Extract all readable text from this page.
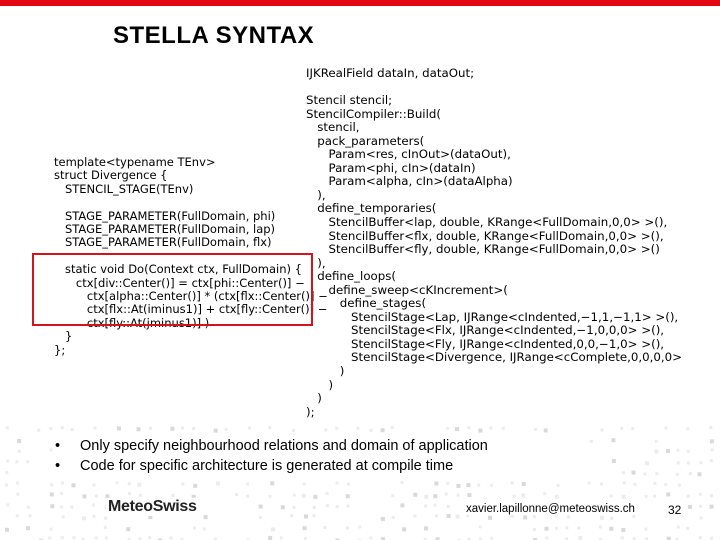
STELLA SYNTAX
template<typename TEnv>
struct Divergence {
STENCIL_STAGE(TEnv)

STAGE_PARAMETER(FullDomain, phi)
STAGE_PARAMETER(FullDomain, lap)
STAGE_PARAMETER(FullDomain, flx)

static void Do(Context ctx, FullDomain) {
ctx[div::Center()] = ctx[phi::Center()] −
ctx[alpha::Center()] * (ctx[flx::Center()] −
ctx[flx::At(iminus1)] + ctx[fly::Center()] −
ctx[fly::At(jminus1)] )
}
};
IJKRealField dataIn, dataOut;

Stencil stencil;
StencilCompiler::Build(
stencil,
pack_parameters(
Param<res, cInOut>(dataOut),
Param<phi, cIn>(dataIn)
Param<alpha, cIn>(dataAlpha)
),
define_temporaries(
StencilBuffer<lap, double, KRange<FullDomain,0,0> >(),
StencilBuffer<flx, double, KRange<FullDomain,0,0> >(),
StencilBuffer<fly, double, KRange<FullDomain,0,0> >()
),
define_loops(
define_sweep<cKIncrement>(
define_stages(
StencilStage<Lap, IJRange<cIndented,−1,1,−1,1> >(),
StencilStage<Flx, IJRange<cIndented,−1,0,0,0> >(),
StencilStage<Fly, IJRange<cIndented,0,0,−1,0> >(),
StencilStage<Divergence, IJRange<cComplete,0,0,0,0>
)
)
)
);
• Only specify neighbourhood relations and domain of application
• Code for specific architecture is generated at compile time
MeteoSwiss	xavier.lapillonne@meteoswiss.ch	32
